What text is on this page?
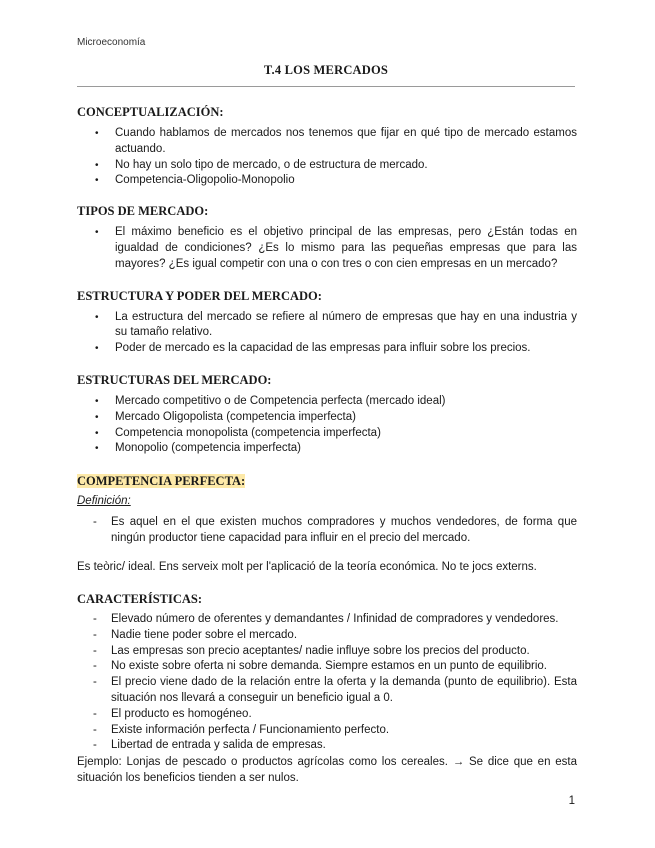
Microeconomía
T.4 LOS MERCADOS
CONCEPTUALIZACIÓN:
• Cuando hablamos de mercados nos tenemos que fijar en qué tipo de mercado estamos actuando.
• No hay un solo tipo de mercado, o de estructura de mercado.
• Competencia-Oligopolio-Monopolio
TIPOS DE MERCADO:
• El máximo beneficio es el objetivo principal de las empresas, pero ¿Están todas en igualdad de condiciones? ¿Es lo mismo para las pequeñas empresas que para las mayores? ¿Es igual competir con una o con tres o con cien empresas en un mercado?
ESTRUCTURA Y PODER DEL MERCADO:
• La estructura del mercado se refiere al número de empresas que hay en una industria y su tamaño relativo.
• Poder de mercado es la capacidad de las empresas para influir sobre los precios.
ESTRUCTURAS DEL MERCADO:
• Mercado competitivo o de Competencia perfecta (mercado ideal)
• Mercado Oligopolista (competencia imperfecta)
• Competencia monopolista (competencia imperfecta)
• Monopolio (competencia imperfecta)
COMPETENCIA PERFECTA:
Definición:
- Es aquel en el que existen muchos compradores y muchos vendedores, de forma que ningún productor tiene capacidad para influir en el precio del mercado.
Es teòric/ ideal. Ens serveix molt per l'aplicació de la teoría económica. No te jocs externs.
CARACTERÍSTICAS:
- Elevado número de oferentes y demandantes / Infinidad de compradores y vendedores.
- Nadie tiene poder sobre el mercado.
- Las empresas son precio aceptantes/ nadie influye sobre los precios del producto.
- No existe sobre oferta ni sobre demanda. Siempre estamos en un punto de equilibrio.
- El precio viene dado de la relación entre la oferta y la demanda (punto de equilibrio). Esta situación nos llevará a conseguir un beneficio igual a 0.
- El producto es homogéneo.
- Existe información perfecta / Funcionamiento perfecto.
- Libertad de entrada y salida de empresas.
Ejemplo: Lonjas de pescado o productos agrícolas como los cereales. → Se dice que en esta situación los beneficios tienden a ser nulos.
1
